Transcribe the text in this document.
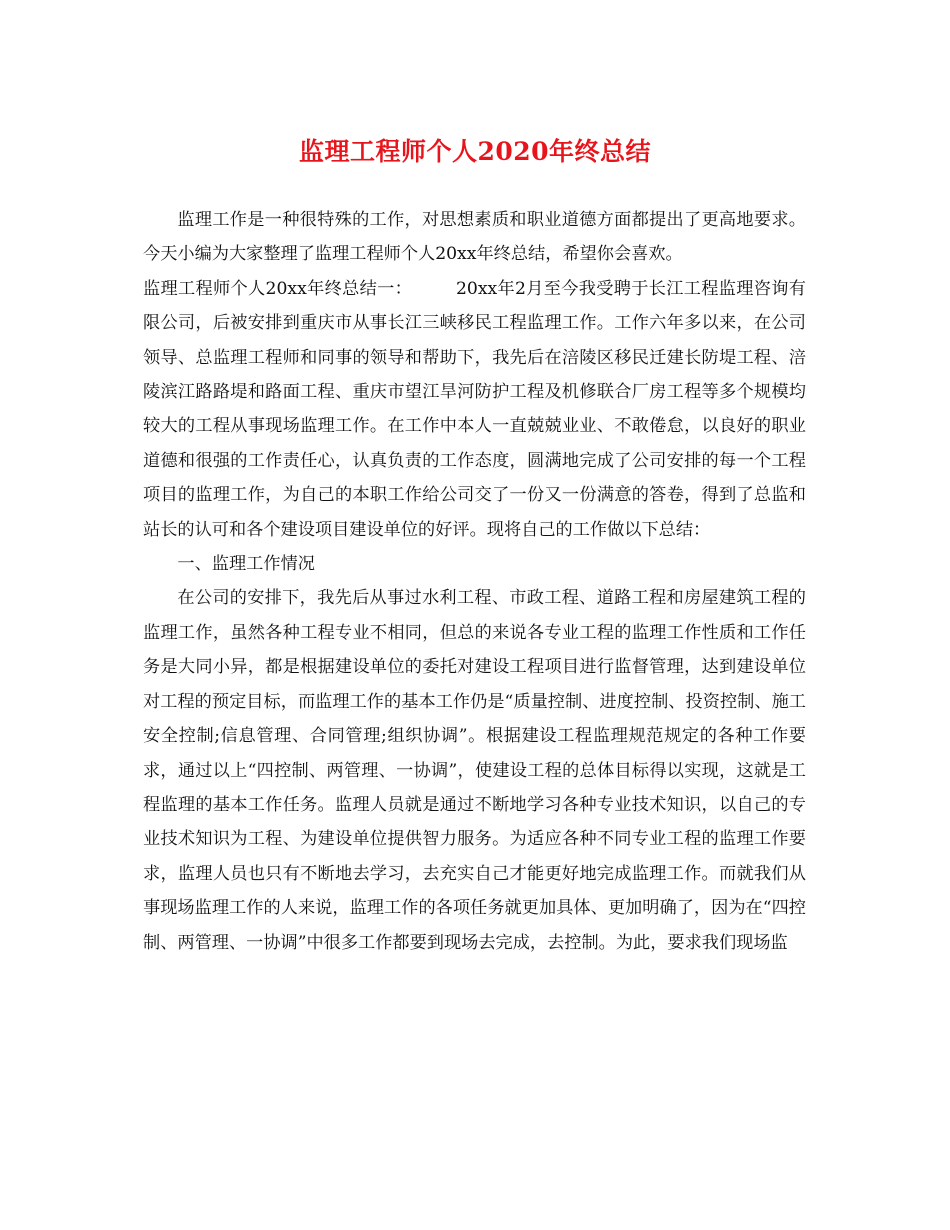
监理工程师个人2020年终总结

监理工作是一种很特殊的工作，对思想素质和职业道德方面都提出了更高地要求。今天小编为大家整理了监理工程师个人20xx年终总结，希望你会喜欢。

监理工程师个人20xx年终总结一：　　　20xx年2月至今我受聘于长江工程监理咨询有限公司，后被安排到重庆市从事长江三峡移民工程监理工作。工作六年多以来，在公司领导、总监理工程师和同事的领导和帮助下，我先后在涪陵区移民迁建长防堤工程、涪陵滨江路路堤和路面工程、重庆市望江旱河防护工程及机修联合厂房工程等多个规模均较大的工程从事现场监理工作。在工作中本人一直兢兢业业、不敢倦怠，以良好的职业道德和很强的工作责任心，认真负责的工作态度，圆满地完成了公司安排的每一个工程项目的监理工作，为自己的本职工作给公司交了一份又一份满意的答卷，得到了总监和站长的认可和各个建设项目建设单位的好评。现将自己的工作做以下总结：

一、监理工作情况

在公司的安排下，我先后从事过水利工程、市政工程、道路工程和房屋建筑工程的监理工作，虽然各种工程专业不相同，但总的来说各专业工程的监理工作性质和工作任务是大同小异，都是根据建设单位的委托对建设工程项目进行监督管理，达到建设单位对工程的预定目标，而监理工作的基本工作仍是“质量控制、进度控制、投资控制、施工安全控制;信息管理、合同管理;组织协调”。根据建设工程监理规范规定的各种工作要求，通过以上“四控制、两管理、一协调”，使建设工程的总体目标得以实现，这就是工程监理的基本工作任务。监理人员就是通过不断地学习各种专业技术知识，以自己的专业技术知识为工程、为建设单位提供智力服务。为适应各种不同专业工程的监理工作要求，监理人员也只有不断地去学习，去充实自己才能更好地完成监理工作。而就我们从事现场监理工作的人来说，监理工作的各项任务就更加具体、更加明确了，因为在“四控制、两管理、一协调”中很多工作都要到现场去完成，去控制。为此，要求我们现场监
